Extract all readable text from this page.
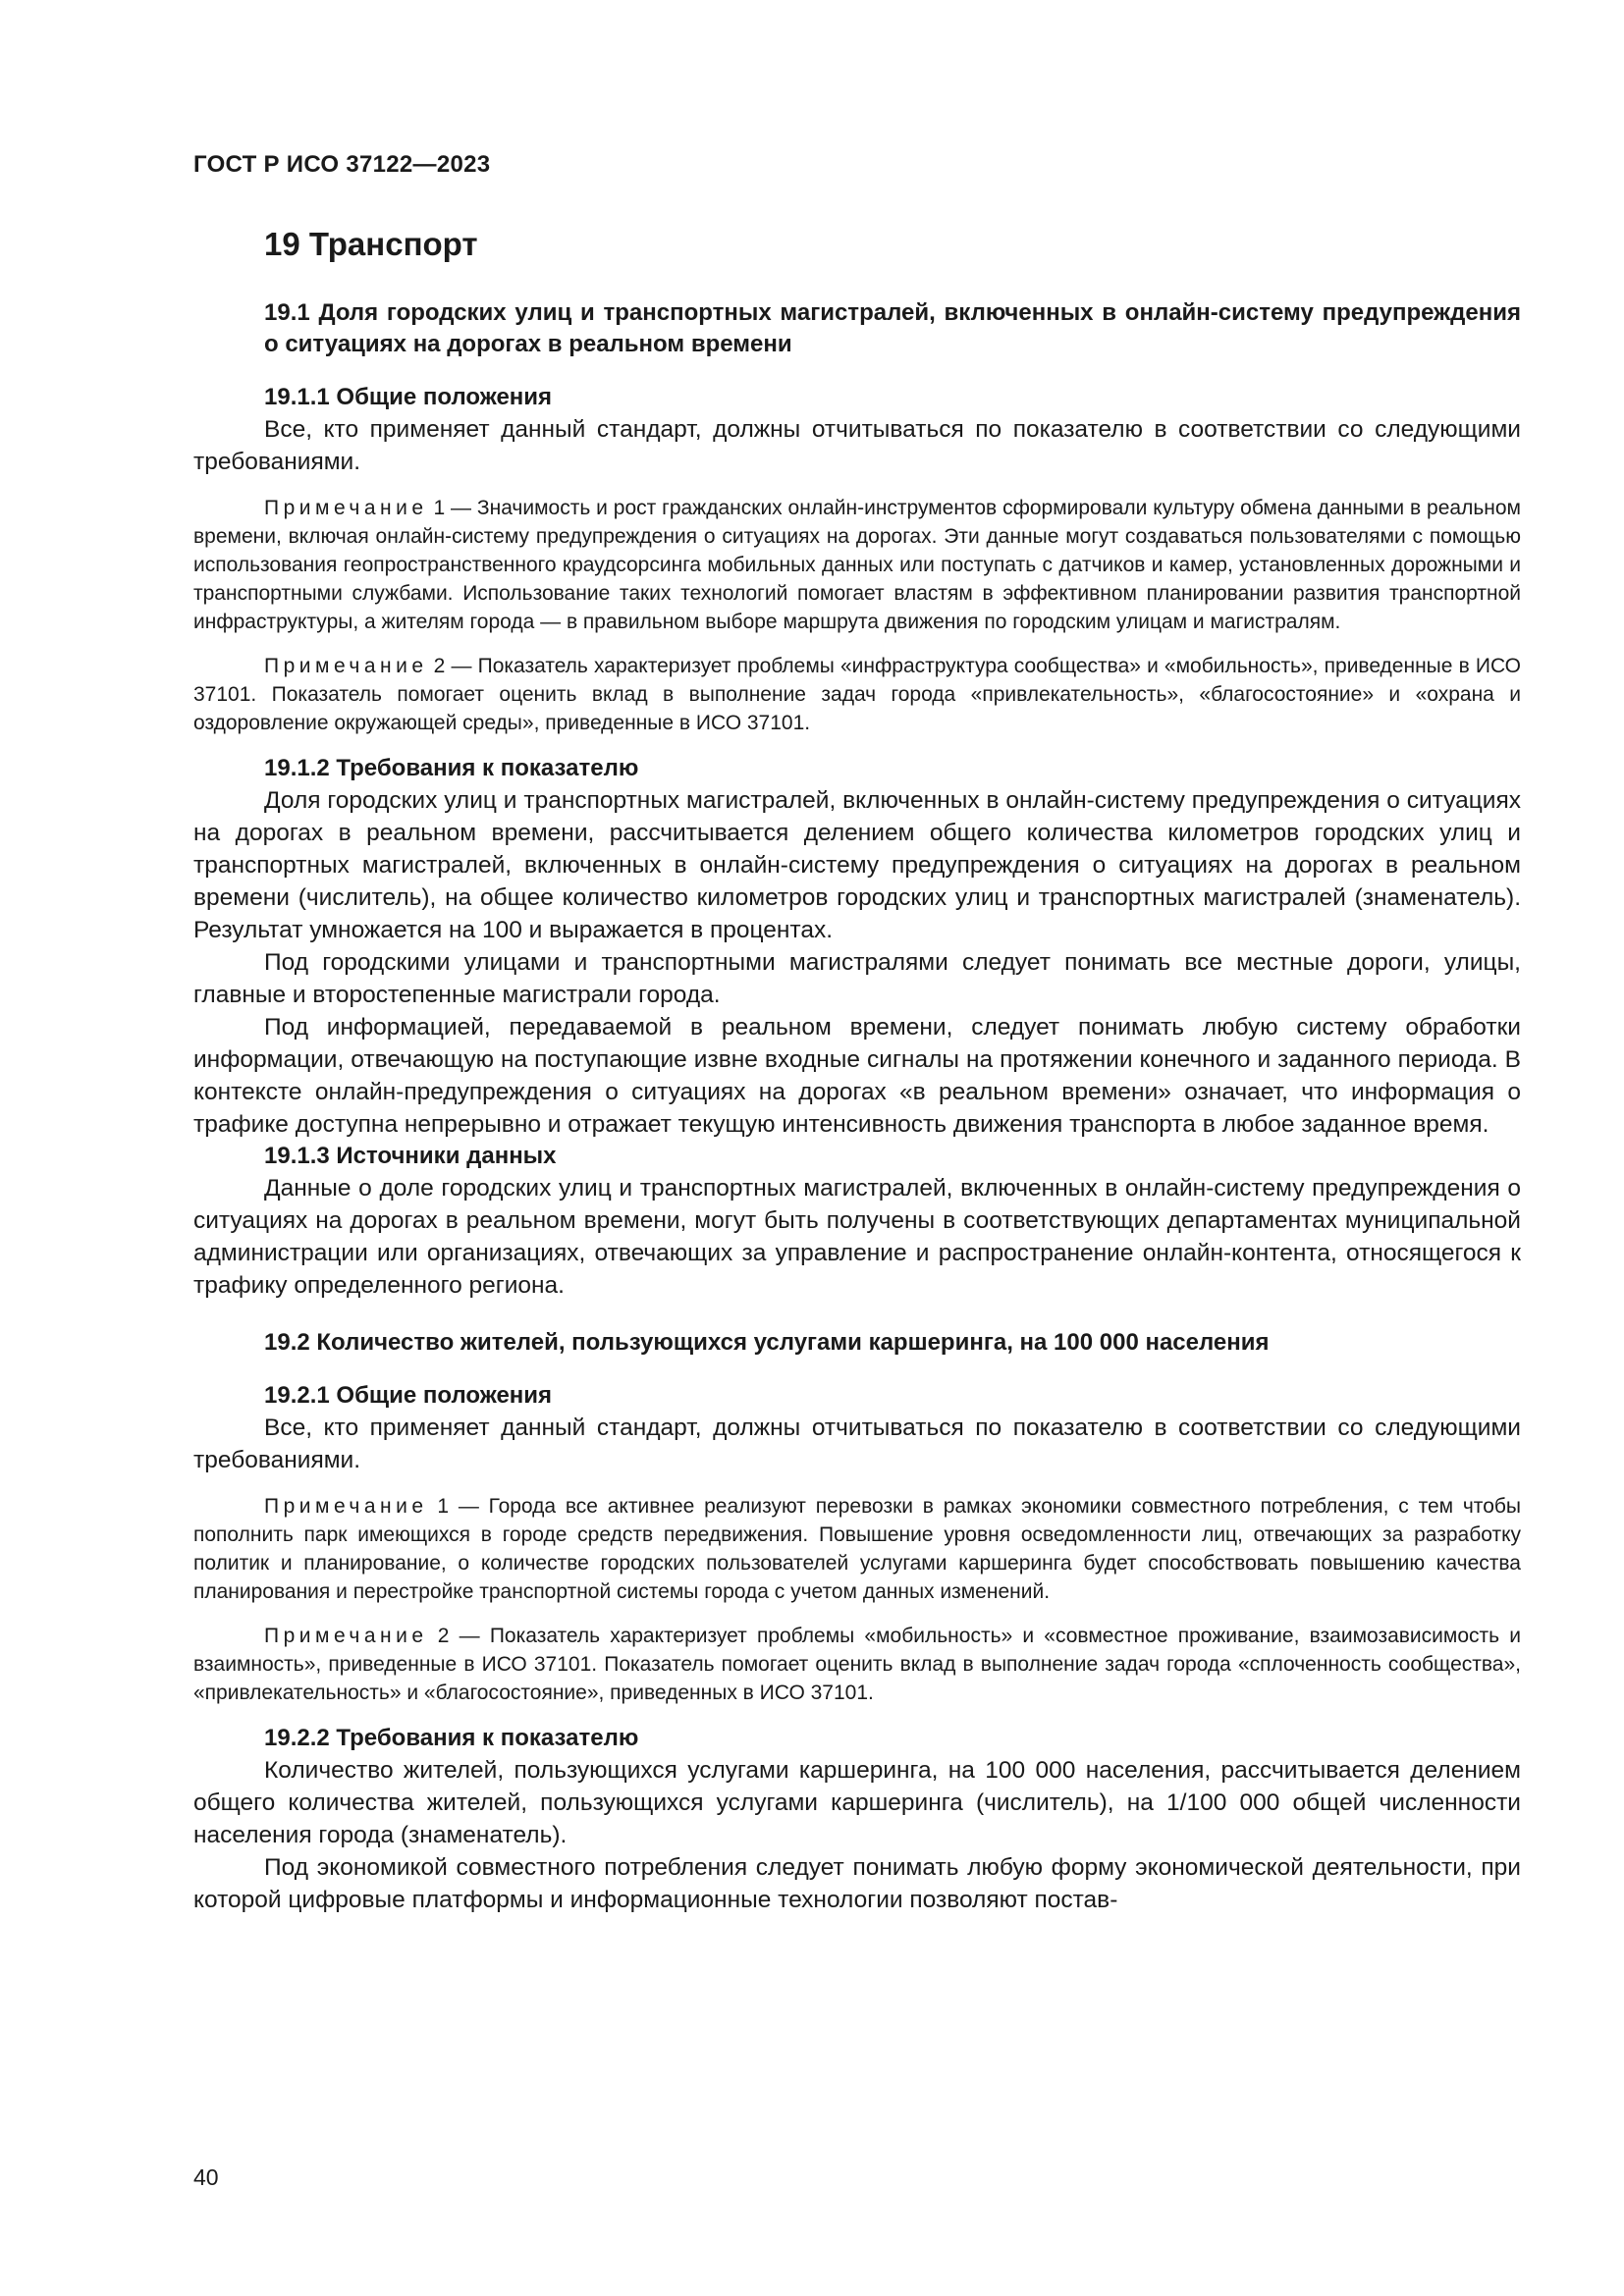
ГОСТ Р ИСО 37122—2023
19 Транспорт
19.1 Доля городских улиц и транспортных магистралей, включенных в онлайн-систему предупреждения о ситуациях на дорогах в реальном времени
19.1.1 Общие положения

Все, кто применяет данный стандарт, должны отчитываться по показателю в соответствии со следующими требованиями.

Примечание 1 — Значимость и рост гражданских онлайн-инструментов сформировали культуру обмена данными в реальном времени, включая онлайн-систему предупреждения о ситуациях на дорогах. Эти данные могут создаваться пользователями с помощью использования геопространственного краудсорсинга мобильных данных или поступать с датчиков и камер, установленных дорожными и транспортными службами. Использование таких технологий помогает властям в эффективном планировании развития транспортной инфраструктуры, а жителям города — в правильном выборе маршрута движения по городским улицам и магистралям.

Примечание 2 — Показатель характеризует проблемы «инфраструктура сообщества» и «мобильность», приведенные в ИСО 37101. Показатель помогает оценить вклад в выполнение задач города «привлекательность», «благосостояние» и «охрана и оздоровление окружающей среды», приведенные в ИСО 37101.

19.1.2 Требования к показателю

Доля городских улиц и транспортных магистралей, включенных в онлайн-систему предупреждения о ситуациях на дорогах в реальном времени, рассчитывается делением общего количества километров городских улиц и транспортных магистралей, включенных в онлайн-систему предупреждения о ситуациях на дорогах в реальном времени (числитель), на общее количество километров городских улиц и транспортных магистралей (знаменатель). Результат умножается на 100 и выражается в процентах.

Под городскими улицами и транспортными магистралями следует понимать все местные дороги, улицы, главные и второстепенные магистрали города.

Под информацией, передаваемой в реальном времени, следует понимать любую систему обработки информации, отвечающую на поступающие извне входные сигналы на протяжении конечного и заданного периода. В контексте онлайн-предупреждения о ситуациях на дорогах «в реальном времени» означает, что информация о трафике доступна непрерывно и отражает текущую интенсивность движения транспорта в любое заданное время.

19.1.3 Источники данных

Данные о доле городских улиц и транспортных магистралей, включенных в онлайн-систему предупреждения о ситуациях на дорогах в реальном времени, могут быть получены в соответствующих департаментах муниципальной администрации или организациях, отвечающих за управление и распространение онлайн-контента, относящегося к трафику определенного региона.

19.2 Количество жителей, пользующихся услугами каршеринга, на 100 000 населения
19.2.1 Общие положения

Все, кто применяет данный стандарт, должны отчитываться по показателю в соответствии со следующими требованиями.

Примечание 1 — Города все активнее реализуют перевозки в рамках экономики совместного потребления, с тем чтобы пополнить парк имеющихся в городе средств передвижения. Повышение уровня осведомленности лиц, отвечающих за разработку политик и планирование, о количестве городских пользователей услугами каршеринга будет способствовать повышению качества планирования и перестройке транспортной системы города с учетом данных изменений.

Примечание 2 — Показатель характеризует проблемы «мобильность» и «совместное проживание, взаимозависимость и взаимность», приведенные в ИСО 37101. Показатель помогает оценить вклад в выполнение задач города «сплоченность сообщества», «привлекательность» и «благосостояние», приведенных в ИСО 37101.

19.2.2 Требования к показателю

Количество жителей, пользующихся услугами каршеринга, на 100 000 населения, рассчитывается делением общего количества жителей, пользующихся услугами каршеринга (числитель), на 1/100 000 общей численности населения города (знаменатель).

Под экономикой совместного потребления следует понимать любую форму экономической деятельности, при которой цифровые платформы и информационные технологии позволяют постав-

40
